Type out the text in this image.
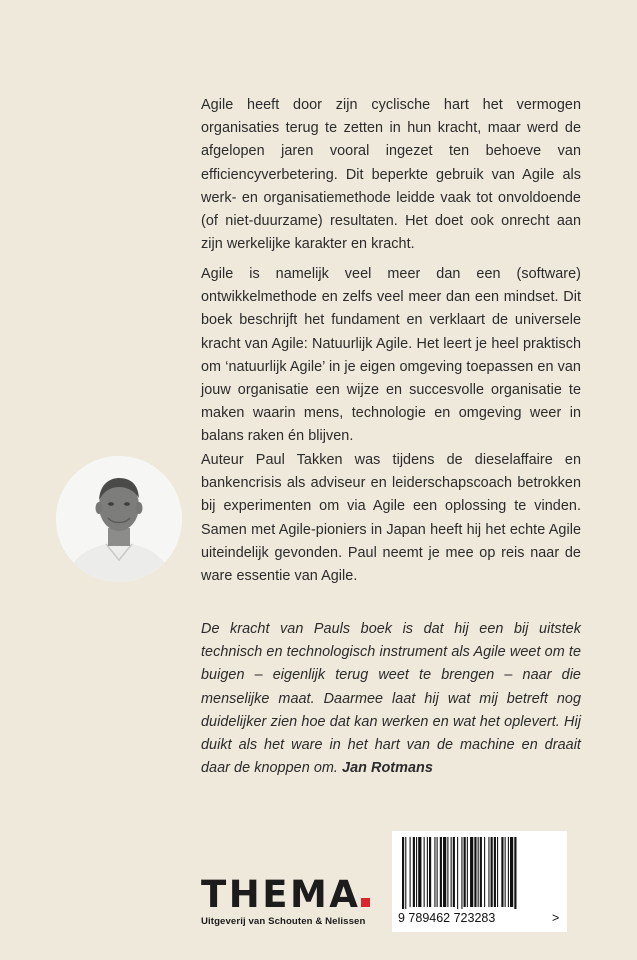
Agile heeft door zijn cyclische hart het vermogen organisaties terug te zetten in hun kracht, maar werd de afgelopen jaren vooral ingezet ten behoeve van efficiencyverbetering. Dit beperkte gebruik van Agile als werk- en organisatiemethode leidde vaak tot onvoldoende (of niet-duurzame) resultaten. Het doet ook onrecht aan zijn werkelijke karakter en kracht.

Agile is namelijk veel meer dan een (software) ontwikkelmethode en zelfs veel meer dan een mindset. Dit boek beschrijft het fundament en verklaart de universele kracht van Agile: Natuurlijk Agile. Het leert je heel praktisch om ‘natuurlijk Agile’ in je eigen omgeving toepassen en van jouw organisatie een wijze en succesvolle organisatie te maken waarin mens, technologie en omgeving weer in balans raken én blijven.

Auteur Paul Takken was tijdens de dieselaffaire en bankencrisis als adviseur en leiderschapscoach betrokken bij experimenten om via Agile een oplossing te vinden. Samen met Agile-pioniers in Japan heeft hij het echte Agile uiteindelijk gevonden. Paul neemt je mee op reis naar de ware essentie van Agile.

De kracht van Pauls boek is dat hij een bij uitstek technisch en technologisch instrument als Agile weet om te buigen – eigenlijk terug weet te brengen – naar die menselijke maat. Daarmee laat hij wat mij betreft nog duidelijker zien hoe dat kan werken en wat het oplevert. Hij duikt als het ware in het hart van de machine en draait daar de knoppen om. Jan Rotmans

THEMA
Uitgeverij van Schouten & Nelissen	9 789462 723283	>
